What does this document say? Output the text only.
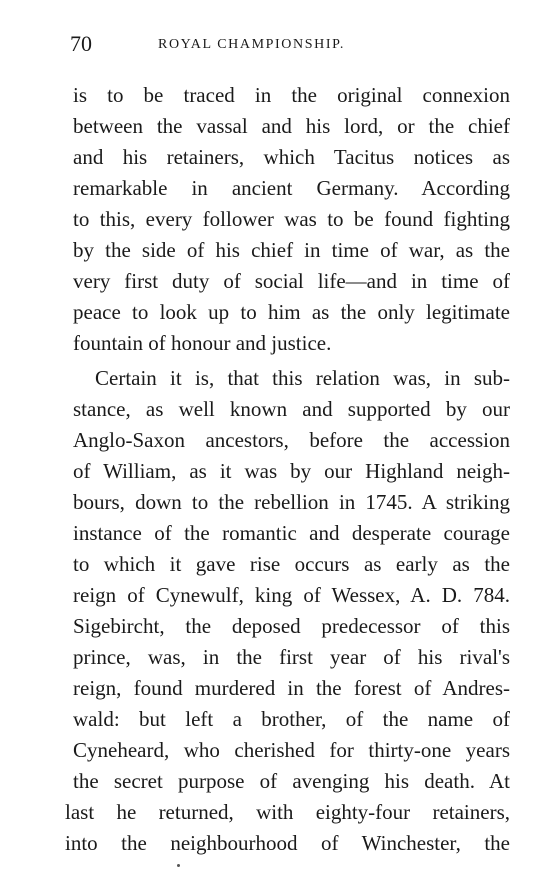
70	ROYAL CHAMPIONSHIP.
is to be traced in the original connexion
between the vassal and his lord, or the chief
and his retainers, which Tacitus notices as
remarkable in ancient Germany. According
to this, every follower was to be found fighting
by the side of his chief in time of war, as the
very first duty of social life—and in time of
peace to look up to him as the only legitimate
fountain of honour and justice.
Certain it is, that this relation was, in sub-
stance, as well known and supported by our
Anglo-Saxon ancestors, before the accession
of William, as it was by our Highland neigh-
bours, down to the rebellion in 1745. A striking
instance of the romantic and desperate courage
to which it gave rise occurs as early as the
reign of Cynewulf, king of Wessex, A. D. 784.
Sigebircht, the deposed predecessor of this
prince, was, in the first year of his rival's
reign, found murdered in the forest of Andres-
wald: but left a brother, of the name of
Cyneheard, who cherished for thirty-one years
the secret purpose of avenging his death. At
last he returned, with eighty-four retainers,
into the neighbourhood of Winchester, the
